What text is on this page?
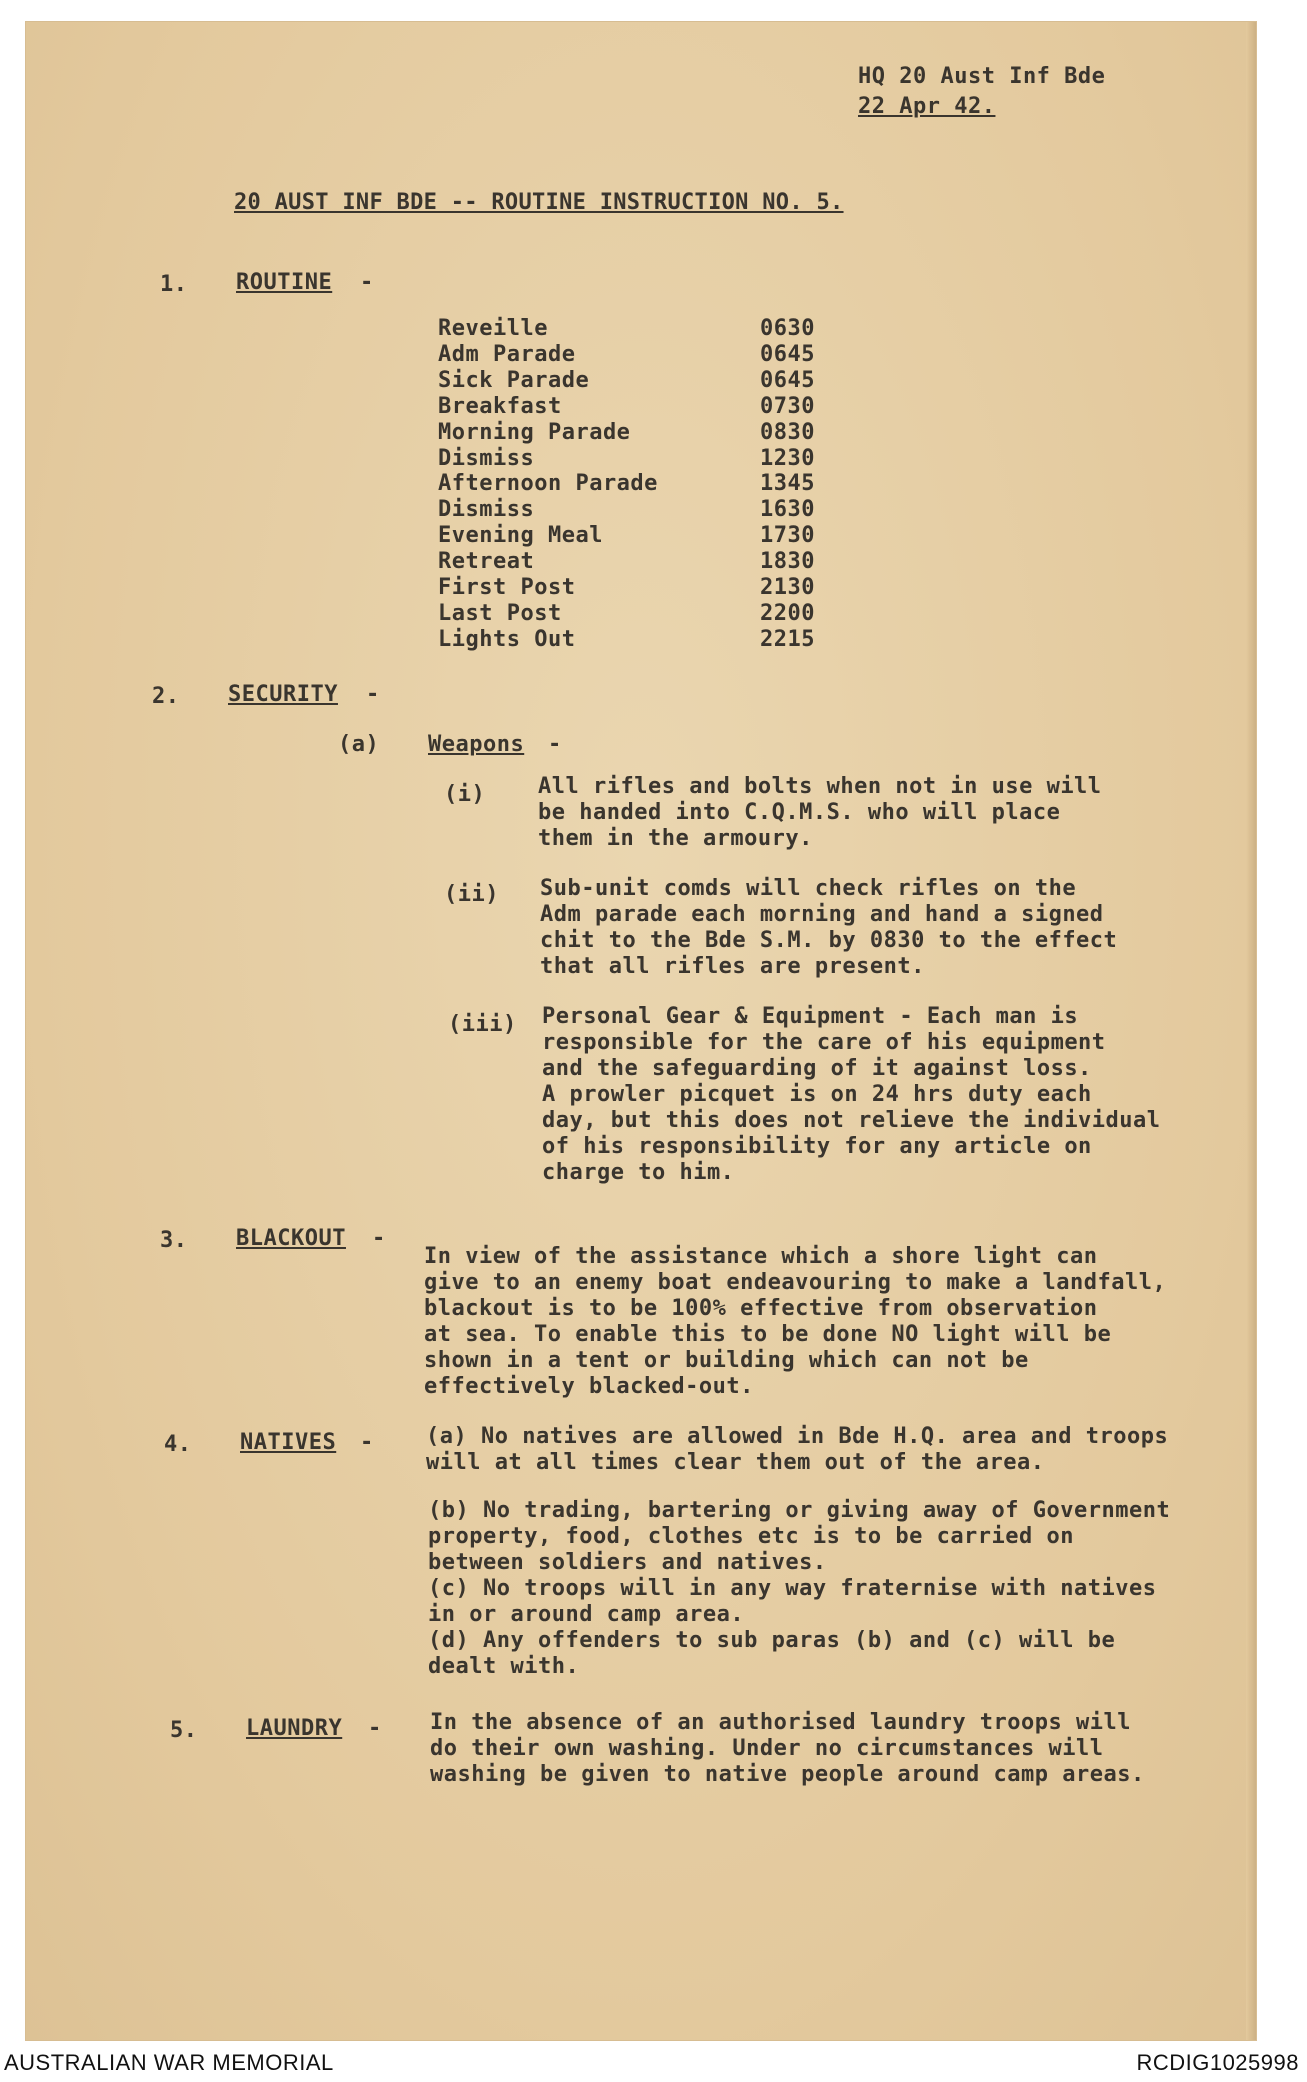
HQ 20 Aust Inf Bde
22 Apr 42.
20 AUST INF BDE -- ROUTINE INSTRUCTION NO. 5.
1. ROUTINE -
Reveille	0630
Adm Parade	0645
Sick Parade	0645
Breakfast	0730
Morning Parade	0830
Dismiss	1230
Afternoon Parade	1345
Dismiss	1630
Evening Meal	1730
Retreat	1830
First Post	2130
Last Post	2200
Lights Out	2215
2. SECURITY -
(a) Weapons -
(i) All rifles and bolts when not in use will
be handed into C.Q.M.S. who will place
them in the armoury.
(ii) Sub-unit comds will check rifles on the
Adm parade each morning and hand a signed
chit to the Bde S.M. by 0830 to the effect
that all rifles are present.
(iii) Personal Gear & Equipment - Each man is
responsible for the care of his equipment
and the safeguarding of it against loss.
A prowler picquet is on 24 hrs duty each
day, but this does not relieve the individual
of his responsibility for any article on
charge to him.
3. BLACKOUT -
In view of the assistance which a shore light can
give to an enemy boat endeavouring to make a landfall,
blackout is to be 100% effective from observation
at sea. To enable this to be done NO light will be
shown in a tent or building which can not be
effectively blacked-out.
4. NATIVES - (a) No natives are allowed in Bde H.Q. area and troops
will at all times clear them out of the area.
(b) No trading, bartering or giving away of Government
property, food, clothes etc is to be carried on
between soldiers and natives.
(c) No troops will in any way fraternise with natives
in or around camp area.
(d) Any offenders to sub paras (b) and (c) will be
dealt with.
5. LAUNDRY - In the absence of an authorised laundry troops will
do their own washing. Under no circumstances will
washing be given to native people around camp areas.
AUSTRALIAN WAR MEMORIAL	RCDIG1025998
